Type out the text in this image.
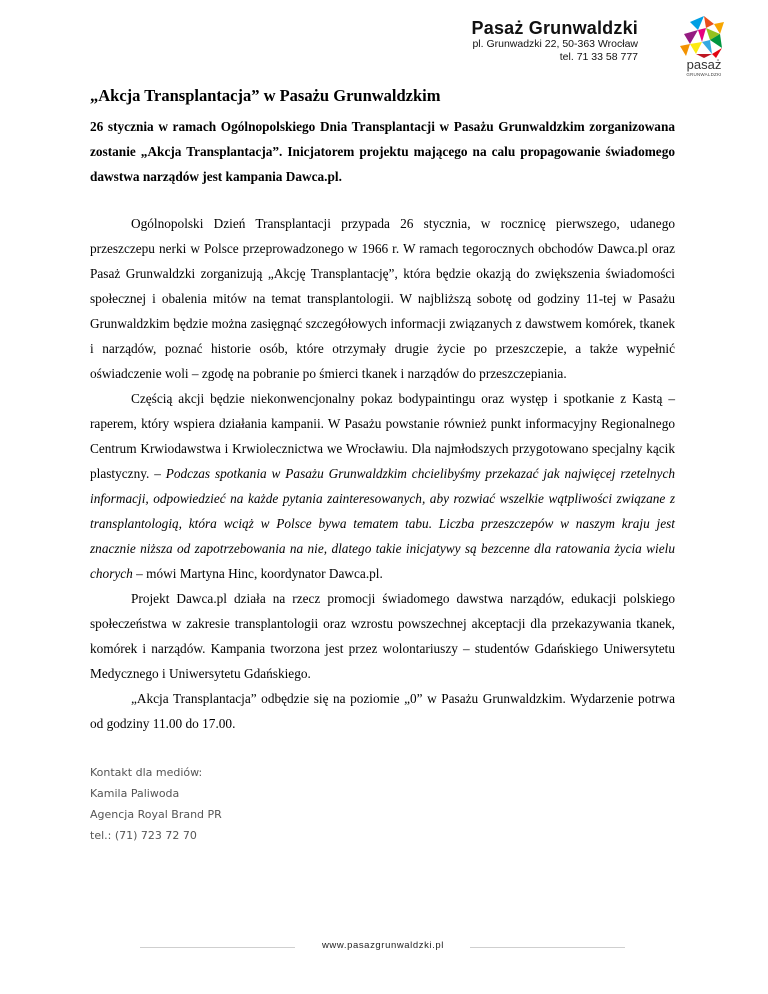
Pasaż Grunwaldzki
pl. Grunwadzki 22, 50-363 Wrocław
tel. 71 33 58 777	pasaż
GRUNWALDZKI
„Akcja Transplantacja” w Pasażu Grunwaldzkim
26 stycznia w ramach Ogólnopolskiego Dnia Transplantacji w Pasażu Grunwaldzkim zorganizowana zostanie „Akcja Transplantacja”. Inicjatorem projektu mającego na calu propagowanie świadomego dawstwa narządów jest kampania Dawca.pl.

Ogólnopolski Dzień Transplantacji przypada 26 stycznia, w rocznicę pierwszego, udanego przeszczepu nerki w Polsce przeprowadzonego w 1966 r. W ramach tegorocznych obchodów Dawca.pl oraz Pasaż Grunwaldzki zorganizują „Akcję Transplantację”, która będzie okazją do zwiększenia świadomości społecznej i obalenia mitów na temat transplantologii. W najbliższą sobotę od godziny 11-tej w Pasażu Grunwaldzkim będzie można zasięgnąć szczegółowych informacji związanych z dawstwem komórek, tkanek i narządów, poznać historie osób, które otrzymały drugie życie po przeszczepie, a także wypełnić oświadczenie woli – zgodę na pobranie po śmierci tkanek i narządów do przeszczepiania.

Częścią akcji będzie niekonwencjonalny pokaz bodypaintingu oraz występ i spotkanie z Kastą – raperem, który wspiera działania kampanii. W Pasażu powstanie również punkt informacyjny Regionalnego Centrum Krwiodawstwa i Krwiolecznictwa we Wrocławiu. Dla najmłodszych przygotowano specjalny kącik plastyczny. – Podczas spotkania w Pasażu Grunwaldzkim chcielibyśmy przekazać jak najwięcej rzetelnych informacji, odpowiedzieć na każde pytania zainteresowanych, aby rozwiać wszelkie wątpliwości związane z transplantologią, która wciąż w Polsce bywa tematem tabu. Liczba przeszczepów w naszym kraju jest znacznie niższa od zapotrzebowania na nie, dlatego takie inicjatywy są bezcenne dla ratowania życia wielu chorych – mówi Martyna Hinc, koordynator Dawca.pl.

Projekt Dawca.pl działa na rzecz promocji świadomego dawstwa narządów, edukacji polskiego społeczeństwa w zakresie transplantologii oraz wzrostu powszechnej akceptacji dla przekazywania tkanek, komórek i narządów. Kampania tworzona jest przez wolontariuszy – studentów Gdańskiego Uniwersytetu Medycznego i Uniwersytetu Gdańskiego.

„Akcja Transplantacja” odbędzie się na poziomie „0” w Pasażu Grunwaldzkim. Wydarzenie potrwa od godziny 11.00 do 17.00.

Kontakt dla mediów:
Kamila Paliwoda
Agencja Royal Brand PR
tel.: (71) 723 72 70
www.pasazgrunwaldzki.pl
